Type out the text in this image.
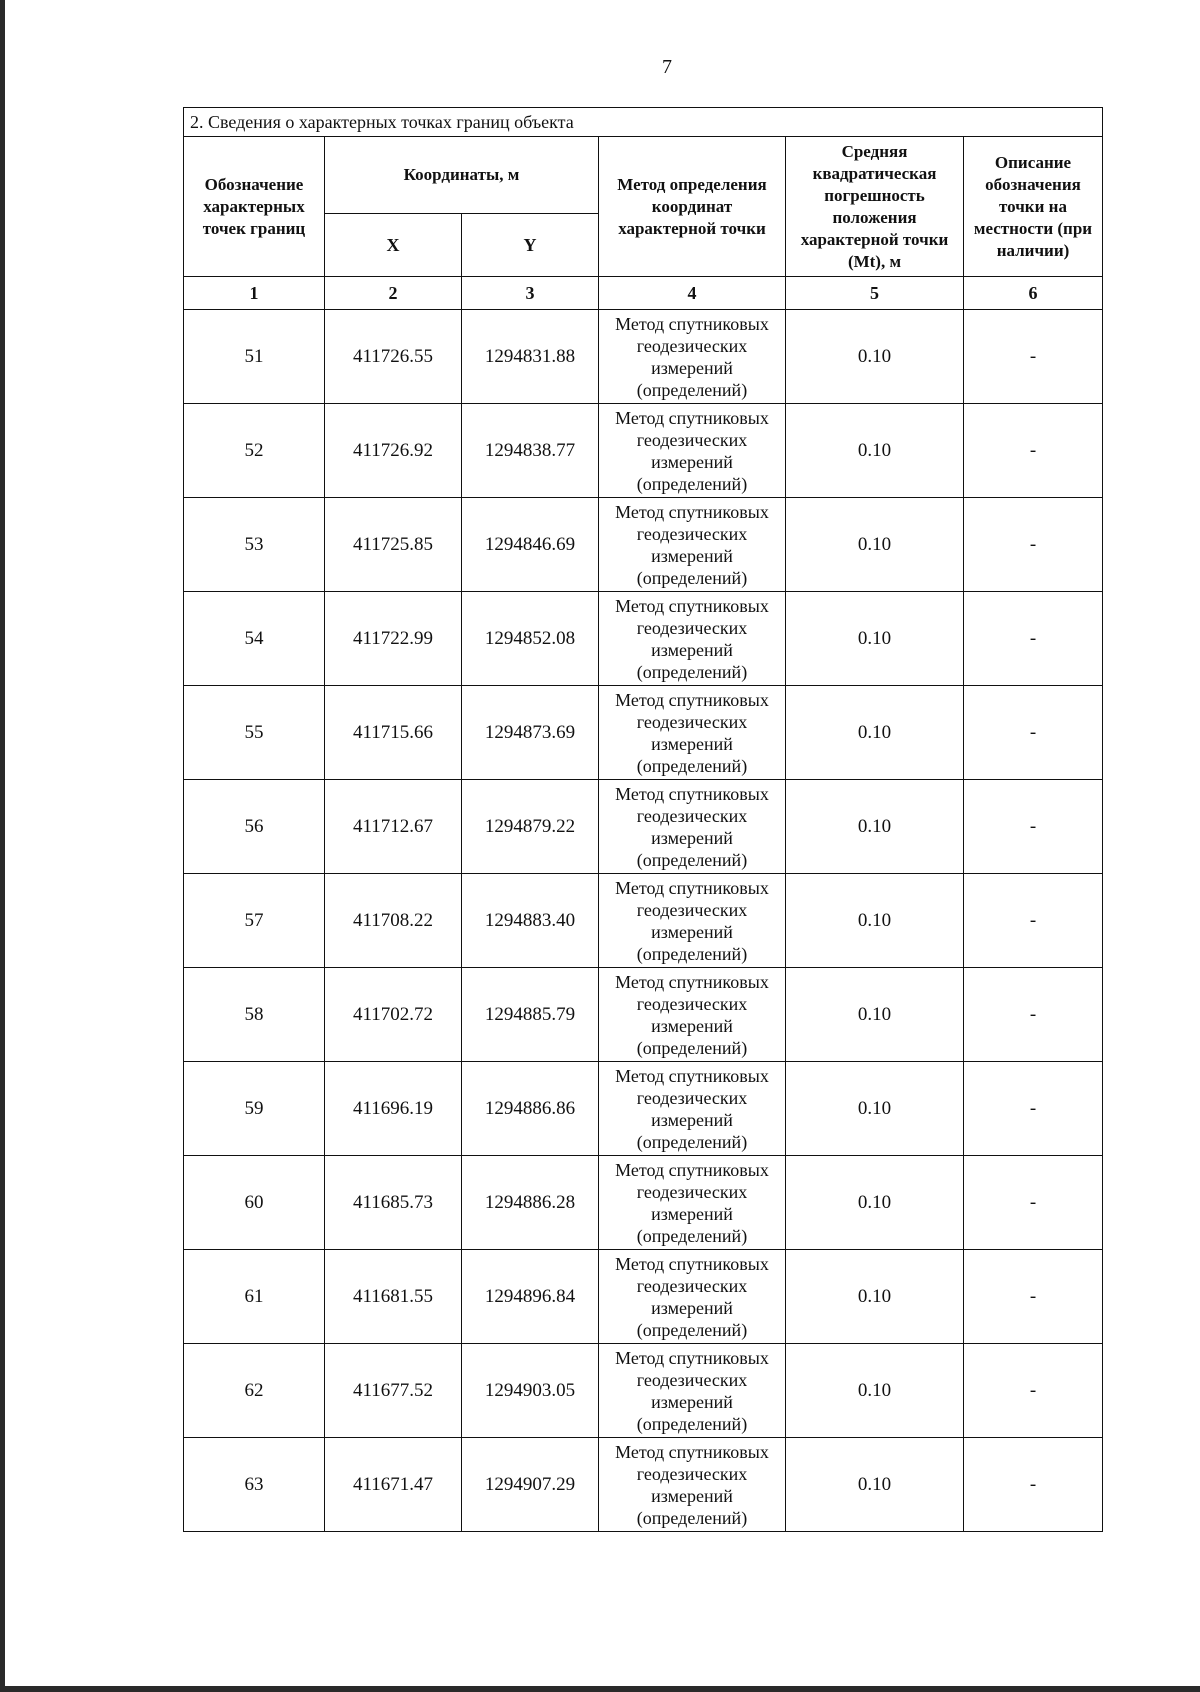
7
2. Сведения о характерных точках границ объекта					
Обозначение характерных точек границ	Координаты, м		Метод определения координат характерной точки	Средняя квадратическая погрешность положения характерной точки (Mt), м	Описание обозначения точки на местности (при наличии)
	X	Y			
1	2	3	4	5	6
51	411726.55	1294831.88	Метод спутниковых геодезических измерений (определений)	0.10	-
52	411726.92	1294838.77	Метод спутниковых геодезических измерений (определений)	0.10	-
53	411725.85	1294846.69	Метод спутниковых геодезических измерений (определений)	0.10	-
54	411722.99	1294852.08	Метод спутниковых геодезических измерений (определений)	0.10	-
55	411715.66	1294873.69	Метод спутниковых геодезических измерений (определений)	0.10	-
56	411712.67	1294879.22	Метод спутниковых геодезических измерений (определений)	0.10	-
57	411708.22	1294883.40	Метод спутниковых геодезических измерений (определений)	0.10	-
58	411702.72	1294885.79	Метод спутниковых геодезических измерений (определений)	0.10	-
59	411696.19	1294886.86	Метод спутниковых геодезических измерений (определений)	0.10	-
60	411685.73	1294886.28	Метод спутниковых геодезических измерений (определений)	0.10	-
61	411681.55	1294896.84	Метод спутниковых геодезических измерений (определений)	0.10	-
62	411677.52	1294903.05	Метод спутниковых геодезических измерений (определений)	0.10	-
63	411671.47	1294907.29	Метод спутниковых геодезических измерений (определений)	0.10	-
